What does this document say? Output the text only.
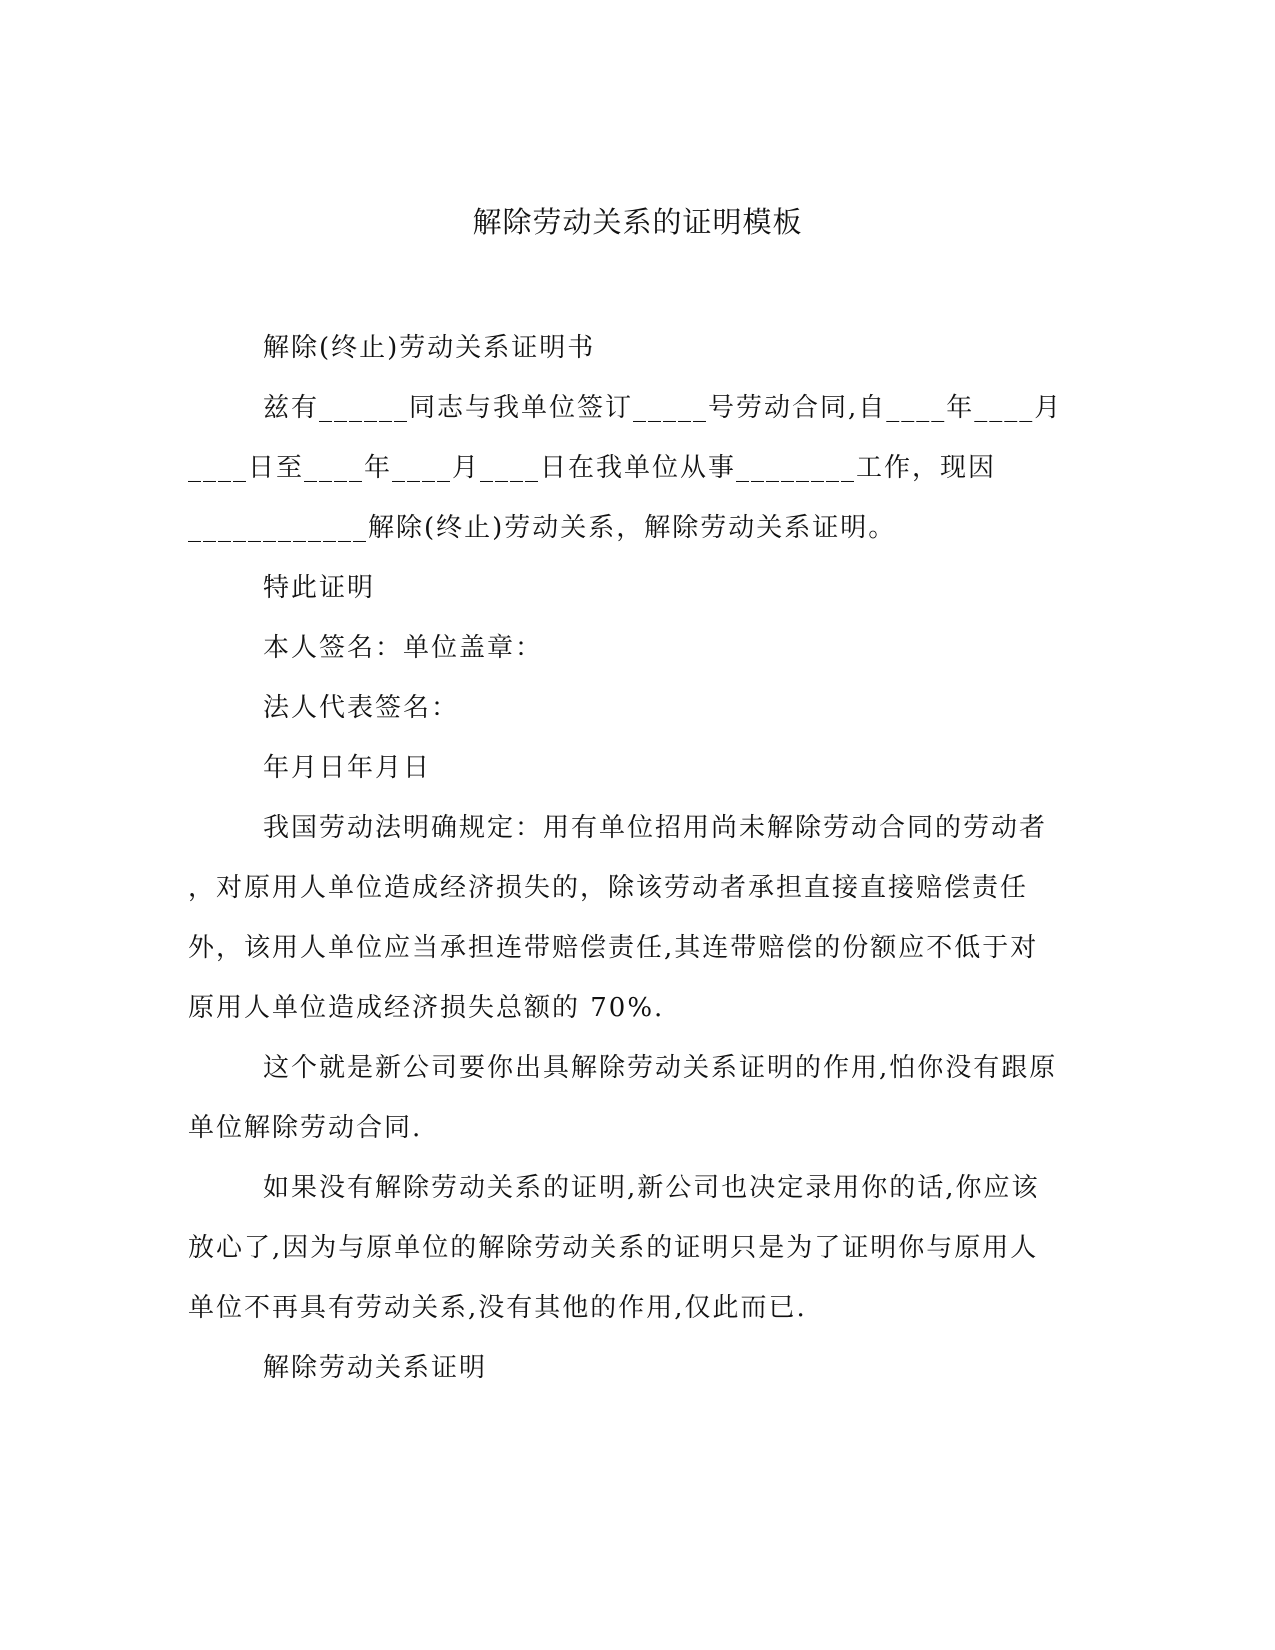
解除劳动关系的证明模板

解除(终止)劳动关系证明书

兹有______同志与我单位签订_____号劳动合同,自____年____月

____日至____年____月____日在我单位从事________工作，现因

____________解除(终止)劳动关系，解除劳动关系证明。

特此证明

本人签名：单位盖章：

法人代表签名：

年月日年月日

我国劳动法明确规定：用有单位招用尚未解除劳动合同的劳动者

，对原用人单位造成经济损失的，除该劳动者承担直接直接赔偿责任

外，该用人单位应当承担连带赔偿责任,其连带赔偿的份额应不低于对

原用人单位造成经济损失总额的 70%.

这个就是新公司要你出具解除劳动关系证明的作用,怕你没有跟原

单位解除劳动合同.

如果没有解除劳动关系的证明,新公司也决定录用你的话,你应该

放心了,因为与原单位的解除劳动关系的证明只是为了证明你与原用人

单位不再具有劳动关系,没有其他的作用,仅此而已.

解除劳动关系证明
